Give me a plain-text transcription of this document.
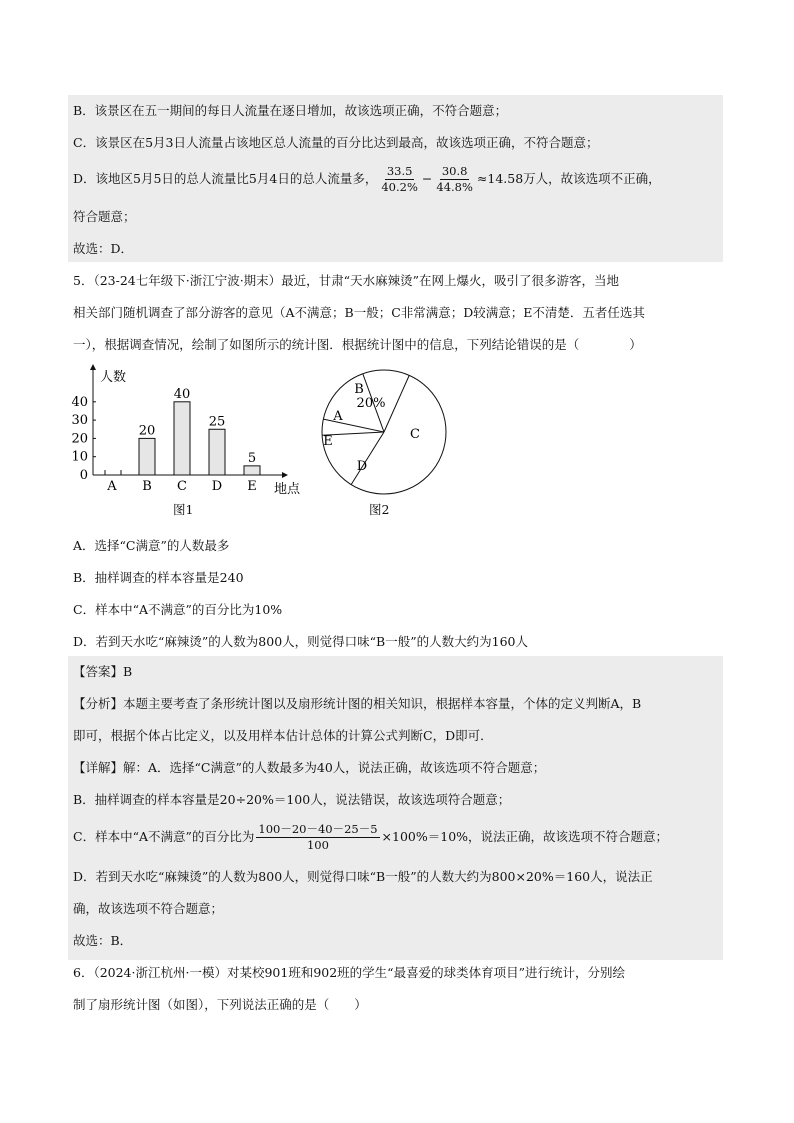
B．该景区在五一期间的每日人流量在逐日增加，故该选项正确，不符合题意；
C．该景区在5月3日人流量占该地区总人流量的百分比达到最高，故该选项正确，不符合题意；
D．该地区5月5日的总人流量比5月4日的总人流量多， $\frac{33.5}{40.2\%} - \frac{30.8}{44.8\%} \approx 14.58$万人，故该选项不正确，
符合题意；
故选：D．
5．（23-24七年级下·浙江宁波·期末）最近，甘肃“天水麻辣烫”在网上爆火，吸引了很多游客，当地
相关部门随机调查了部分游客的意见（A不满意；B一般；C非常满意；D较满意；E不清楚．五者任选其
一），根据调查情况，绘制了如图所示的统计图．根据统计图中的信息，下列结论错误的是（　　　　）
人数
地点
0
10
20
30
40
A B
20
C
40
D
25
E
5
图1
A
B
20%
C
D
E
图2
A．选择“C满意”的人数最多
B．抽样调查的样本容量是240
C．样本中“A不满意”的百分比为10%
D．若到天水吃“麻辣烫”的人数为800人，则觉得口味“B一般”的人数大约为160人
【答案】B
【分析】本题主要考查了条形统计图以及扇形统计图的相关知识，根据样本容量，个体的定义判断A，B
即可，根据个体占比定义，以及用样本估计总体的计算公式判断C，D即可．
【详解】解：A．选择“C满意”的人数最多为40人，说法正确，故该选项不符合题意；
B．抽样调查的样本容量是20÷20%＝100人，说法错误，故该选项符合题意；
C．样本中“A不满意”的百分比为 $\frac{100-20-40-25-5}{100} \times 100\%=10\%$，说法正确，故该选项不符合题意；
D．若到天水吃“麻辣烫”的人数为800人，则觉得口味“B一般”的人数大约为800×20%＝160人，说法正
确，故该选项不符合题意；
故选：B．
6．（2024·浙江杭州·一模）对某校901班和902班的学生“最喜爱的球类体育项目”进行统计，分别绘
制了扇形统计图（如图），下列说法正确的是（　　）
